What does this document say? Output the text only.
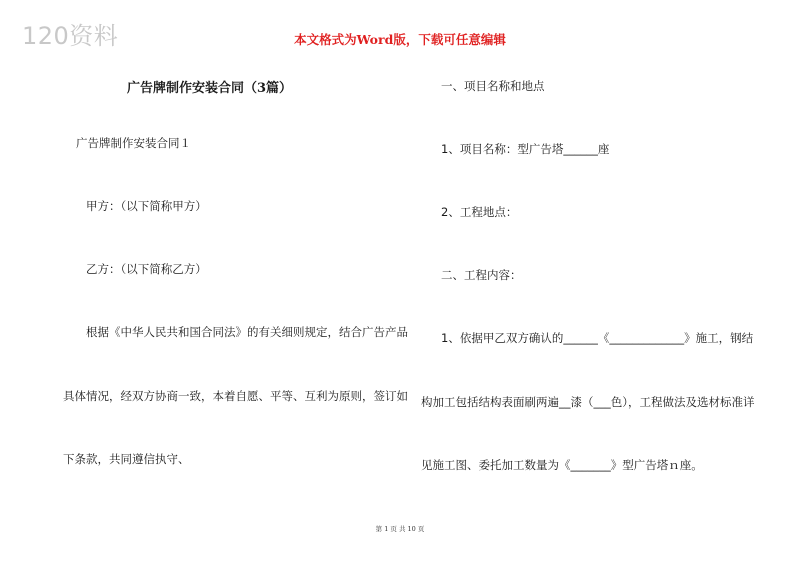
120资料	本文格式为Word版，下载可任意编辑
广告牌制作安装合同（3篇）
广告牌制作安装合同１
甲方：（以下简称甲方）
乙方：（以下简称乙方）
根据《中华人民共和国合同法》的有关细则规定，结合广告产品
具体情况，经双方协商一致，本着自愿、平等、互利为原则，签订如
下条款，共同遵信执守、
一、项目名称和地点
1、项目名称：型广告塔______座
2、工程地点：
二、工程内容：
1、依据甲乙双方确认的______《_____________》施工，钢结
构加工包括结构表面刷两遍__漆（___色），工程做法及选材标准详
见施工图、委托加工数量为《_______》型广告塔ｎ座。
第 1 页 共 10 页
